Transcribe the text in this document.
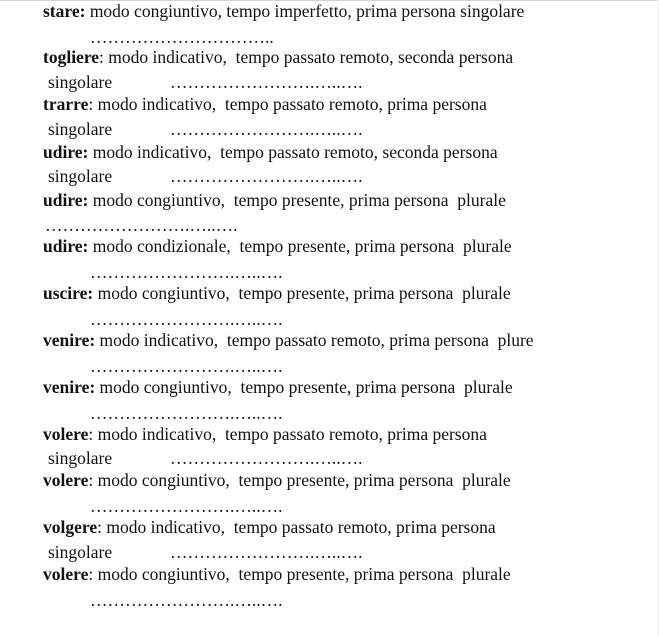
stare: modo congiuntivo, tempo imperfetto, prima persona singolare
…………………………..
togliere: modo indicativo,  tempo passato remoto, seconda persona
singolare	…………………….…..….
trarre: modo indicativo,  tempo passato remoto, prima persona
singolare	…………………….…..….
udire: modo indicativo,  tempo passato remoto, seconda persona
singolare	…………………….…..….
udire: modo congiuntivo,  tempo presente, prima persona  plurale
…………………….…..….
udire: modo condizionale,  tempo presente, prima persona  plurale
…………………….…..….
uscire: modo congiuntivo,  tempo presente, prima persona  plurale
…………………….…..….
venire: modo indicativo,  tempo passato remoto, prima persona  plure
…………………….…..….
venire: modo congiuntivo,  tempo presente, prima persona  plurale
…………………….…..….
volere: modo indicativo,  tempo passato remoto, prima persona
singolare	…………………….…..….
volere: modo congiuntivo,  tempo presente, prima persona  plurale
…………………….…..….
volgere: modo indicativo,  tempo passato remoto, prima persona
singolare	…………………….…..….
volere: modo congiuntivo,  tempo presente, prima persona  plurale
…………………….…..….
